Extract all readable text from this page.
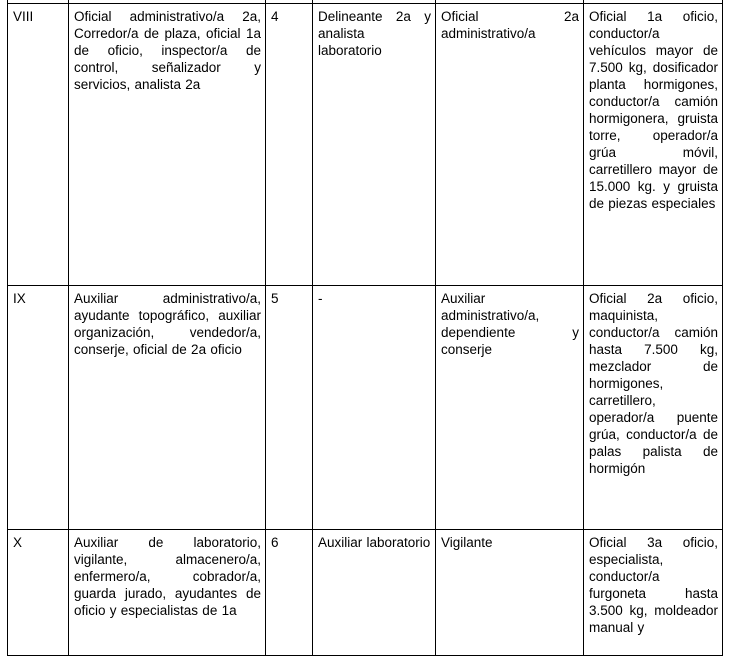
VIII	Oficial administrativo/a 2a, Corredor/a de plaza, oficial 1a de oficio, inspector/a de control, señalizador y servicios, analista 2a	4	Delineante 2a y analista laboratorio	Oficial 2a administrativo/a	Oficial 1a oficio, conductor/a vehículos mayor de 7.500 kg, dosificador planta hormigones, conductor/a camión hormigonera, gruista torre, operador/a grúa móvil, carretillero mayor de 15.000 kg. y gruista de piezas especiales

IX	Auxiliar administrativo/a, ayudante topográfico, auxiliar organización, vendedor/a, conserje, oficial de 2a oficio	5	-	Auxiliar administrativo/a, dependiente y conserje	Oficial 2a oficio, maquinista, conductor/a camión hasta 7.500 kg, mezclador de hormigones, carretillero, operador/a puente grúa, conductor/a de palas palista de hormigón

X	Auxiliar de laboratorio, vigilante, almacenero/a, enfermero/a, cobrador/a, guarda jurado, ayudantes de oficio y especialistas de 1a	6	Auxiliar laboratorio	Vigilante	Oficial 3a oficio, especialista, conductor/a furgoneta hasta 3.500 kg, moldeador manual y
